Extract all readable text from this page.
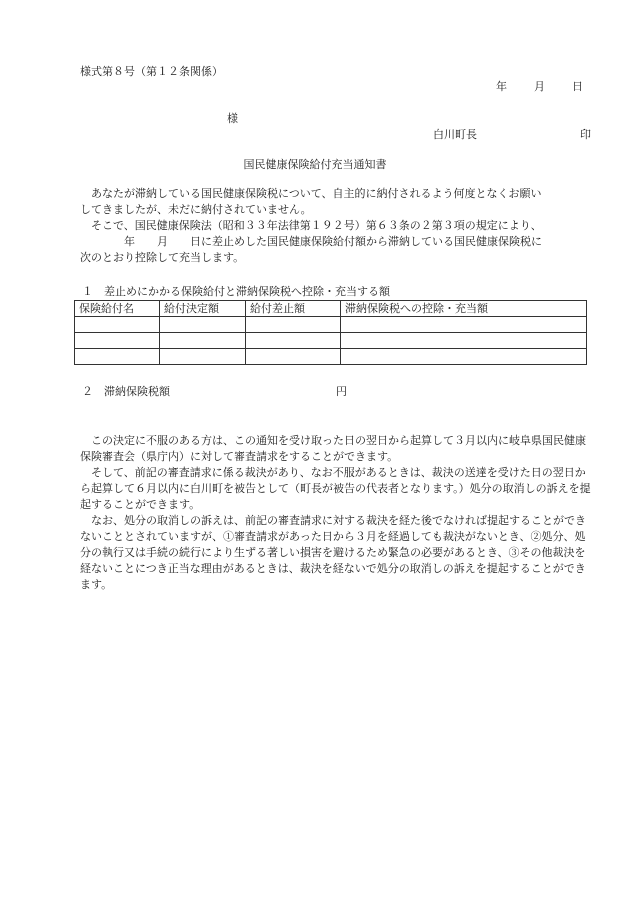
様式第８号（第１２条関係）
年 月 日
様
白川町長	印
国民健康保険給付充当通知書

　あなたが滞納している国民健康保険税について、自主的に納付されるよう何度となくお願い

してきましたが、未だに納付されていません。

　そこで、国民健康保険法（昭和３３年法律第１９２号）第６３条の２第３項の規定により、

　　　　年　　月　　日に差止めした国民健康保険給付額から滞納している国民健康保険税に

次のとおり控除して充当します。

１　差止めにかかる保険給付と滞納保険税へ控除・充当する額
保険給付名	給付決定額	給付差止額	滞納保険税への控除・充当額

２　滞納保険税額	円

　この決定に不服のある方は、この通知を受け取った日の翌日から起算して３月以内に岐阜県国民健康保険審査会（県庁内）に対して審査請求をすることができます。

　そして、前記の審査請求に係る裁決があり、なお不服があるときは、裁決の送達を受けた日の翌日から起算して６月以内に白川町を被告として（町長が被告の代表者となります。）処分の取消しの訴えを提起することができます。

　なお、処分の取消しの訴えは、前記の審査請求に対する裁決を経た後でなければ提起することができないこととされていますが、①審査請求があった日から３月を経過しても裁決がないとき、②処分、処分の執行又は手続の続行により生ずる著しい損害を避けるため緊急の必要があるとき、③その他裁決を経ないことにつき正当な理由があるときは、裁決を経ないで処分の取消しの訴えを提起することができます。
